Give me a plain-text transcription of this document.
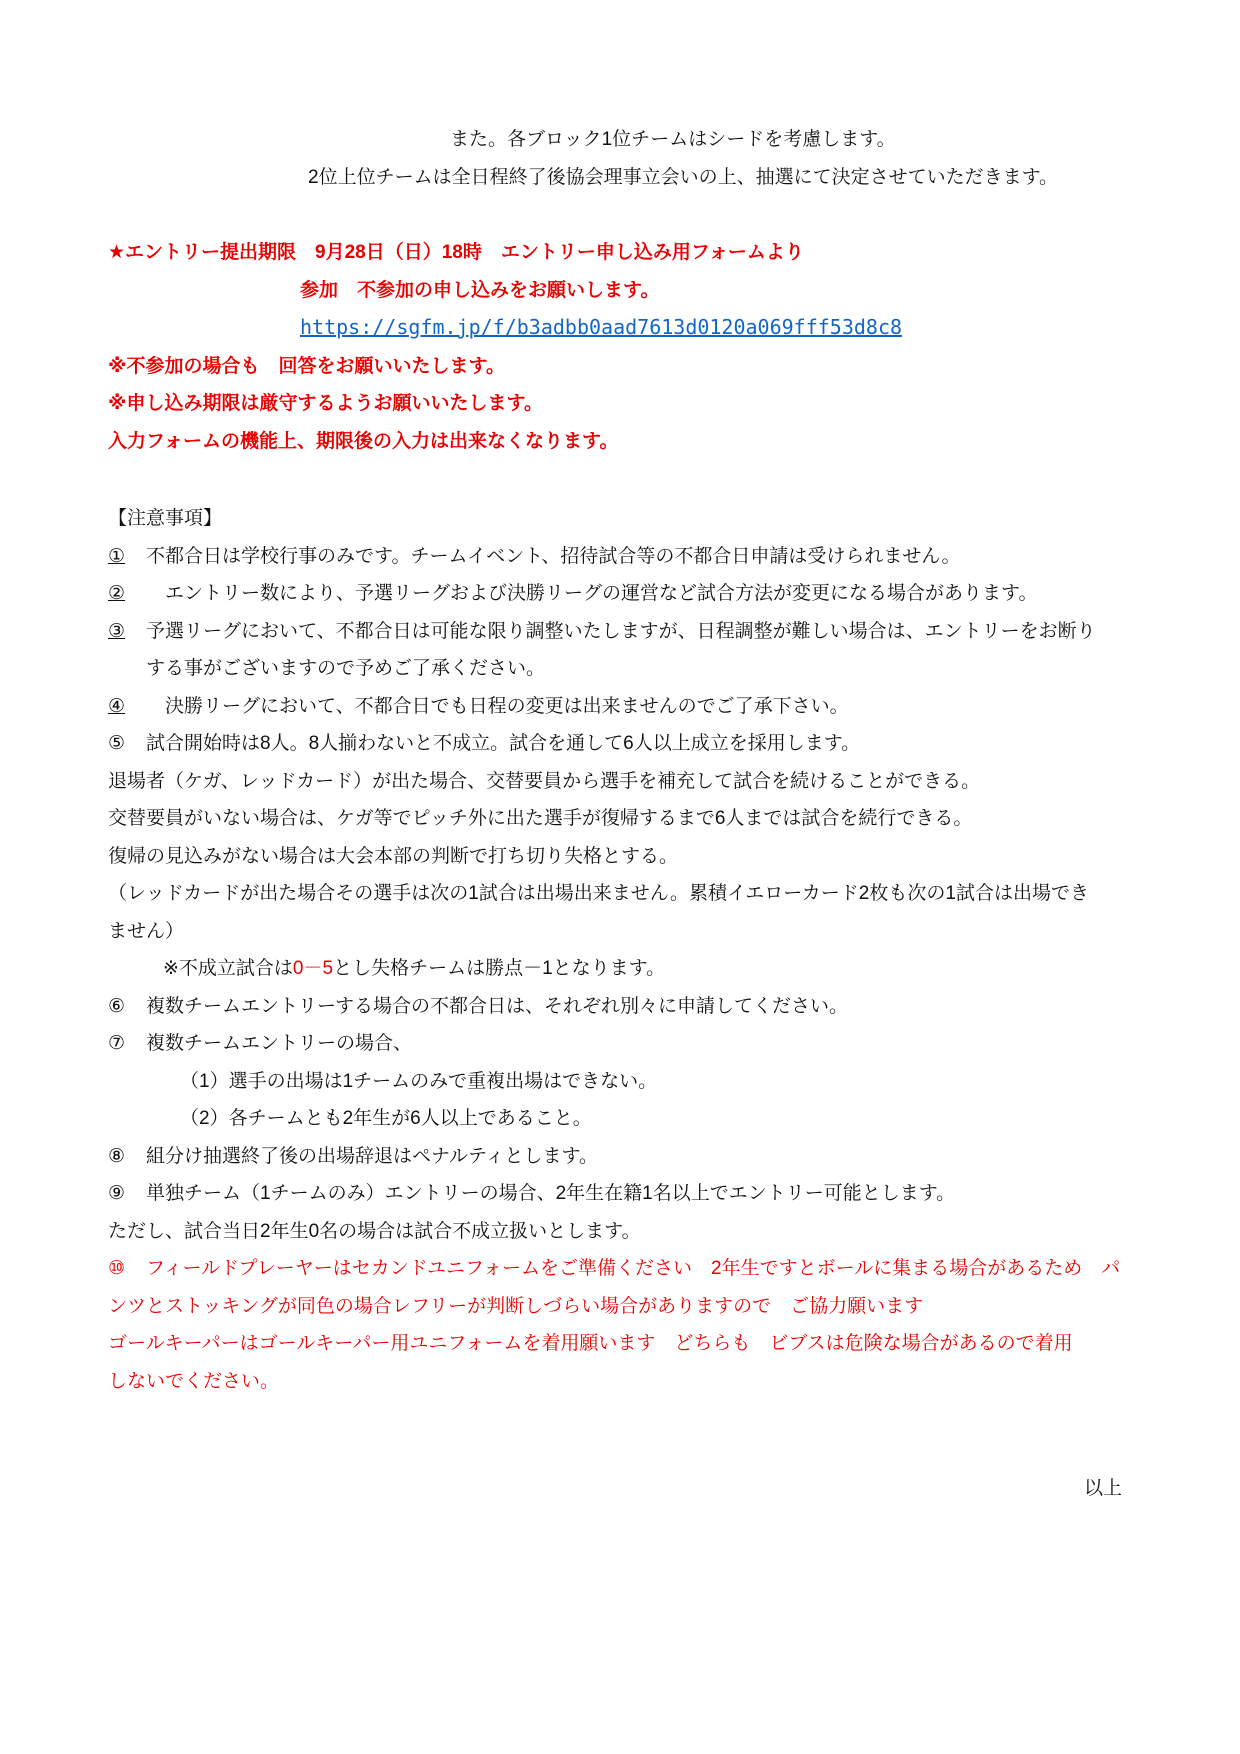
また。各ブロック1位チームはシードを考慮します。
2位上位チームは全日程終了後協会理事立会いの上、抽選にて決定させていただきます。
★エントリー提出期限　9月28日（日）18時　エントリー申し込み用フォームより
参加　不参加の申し込みをお願いします。
https://sgfm.jp/f/b3adbb0aad7613d0120a069fff53d8c8
※不参加の場合も　回答をお願いいたします。
※申し込み期限は厳守するようお願いいたします。
入力フォームの機能上、期限後の入力は出来なくなります。
【注意事項】
① 不都合日は学校行事のみです。チームイベント、招待試合等の不都合日申請は受けられません。
②　エントリー数により、予選リーグおよび決勝リーグの運営など試合方法が変更になる場合があります。
③ 予選リーグにおいて、不都合日は可能な限り調整いたしますが、日程調整が難しい場合は、エントリーをお断り
する事がございますので予めご了承ください。
④　決勝リーグにおいて、不都合日でも日程の変更は出来ませんのでご了承下さい。
⑤ 試合開始時は8人。8人揃わないと不成立。試合を通して6人以上成立を採用します。
退場者（ケガ、レッドカード）が出た場合、交替要員から選手を補充して試合を続けることができる。
交替要員がいない場合は、ケガ等でピッチ外に出た選手が復帰するまで6人までは試合を続行できる。
復帰の見込みがない場合は大会本部の判断で打ち切り失格とする。
（レッドカードが出た場合その選手は次の1試合は出場出来ません。累積イエローカード2枚も次の1試合は出場でき
ません）
※不成立試合は0－5とし失格チームは勝点－1となります。
⑥ 複数チームエントリーする場合の不都合日は、それぞれ別々に申請してください。
⑦ 複数チームエントリーの場合、
（1）選手の出場は1チームのみで重複出場はできない。
（2）各チームとも2年生が6人以上であること。
⑧ 組分け抽選終了後の出場辞退はペナルティとします。
⑨ 単独チーム（1チームのみ）エントリーの場合、2年生在籍1名以上でエントリー可能とします。
ただし、試合当日2年生0名の場合は試合不成立扱いとします。
⑩ フィールドプレーヤーはセカンドユニフォームをご準備ください　2年生ですとボールに集まる場合があるため　パ
ンツとストッキングが同色の場合レフリーが判断しづらい場合がありますので　ご協力願います
ゴールキーパーはゴールキーパー用ユニフォームを着用願います　どちらも　ビブスは危険な場合があるので着用
しないでください。
以上
